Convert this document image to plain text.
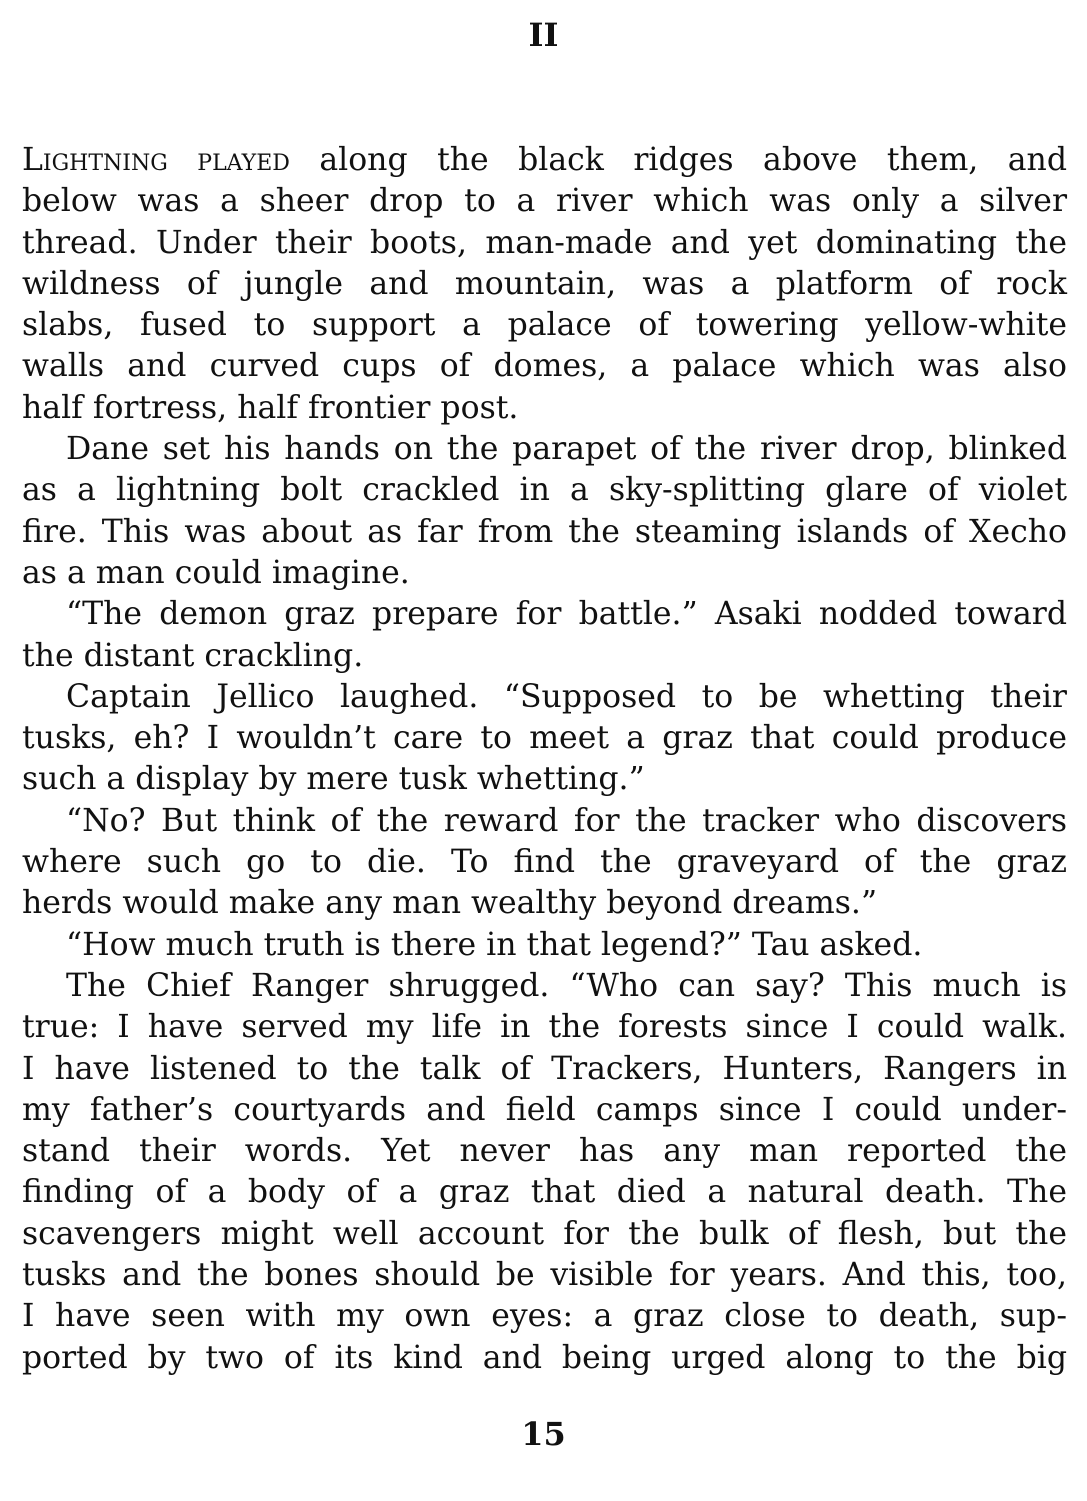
II

Lightning played along the black ridges above them, and
below was a sheer drop to a river which was only a silver
thread. Under their boots, man-made and yet dominating the
wildness of jungle and mountain, was a platform of rock
slabs, fused to support a palace of towering yellow-white
walls and curved cups of domes, a palace which was also
half fortress, half frontier post.

Dane set his hands on the parapet of the river drop, blinked
as a lightning bolt crackled in a sky-splitting glare of violet
fire. This was about as far from the steaming islands of Xecho
as a man could imagine.

“The demon graz prepare for battle.” Asaki nodded toward
the distant crackling.

Captain Jellico laughed. “Supposed to be whetting their
tusks, eh? I wouldn’t care to meet a graz that could produce
such a display by mere tusk whetting.”

“No? But think of the reward for the tracker who discovers
where such go to die. To find the graveyard of the graz
herds would make any man wealthy beyond dreams.”

“How much truth is there in that legend?” Tau asked.

The Chief Ranger shrugged. “Who can say? This much is
true: I have served my life in the forests since I could walk.
I have listened to the talk of Trackers, Hunters, Rangers in
my father’s courtyards and field camps since I could under-
stand their words. Yet never has any man reported the
finding of a body of a graz that died a natural death. The
scavengers might well account for the bulk of flesh, but the
tusks and the bones should be visible for years. And this, too,
I have seen with my own eyes: a graz close to death, sup-
ported by two of its kind and being urged along to the big

15
